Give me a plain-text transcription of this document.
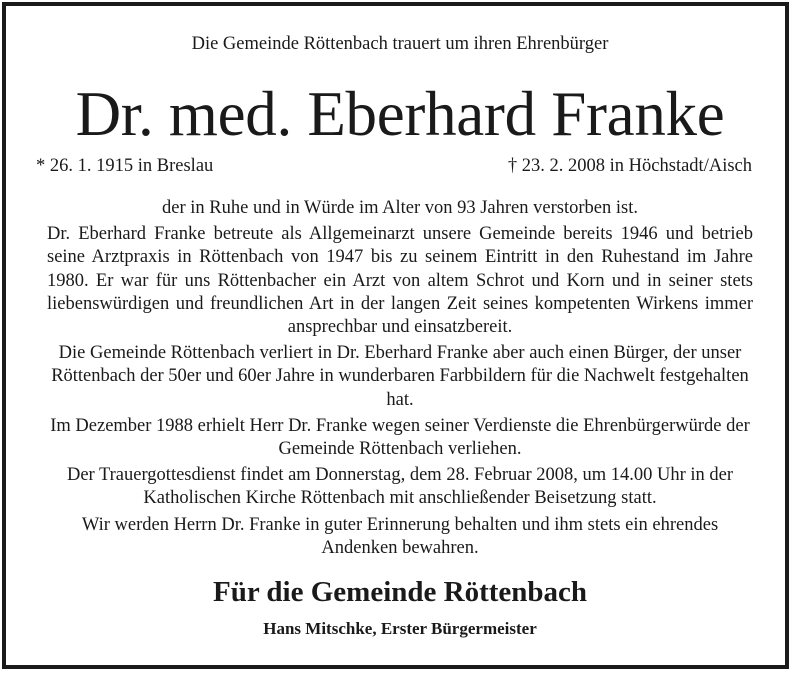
Die Gemeinde Röttenbach trauert um ihren Ehrenbürger
Dr. med. Eberhard Franke
* 26. 1. 1915 in Breslau	† 23. 2. 2008 in Höchstadt/Aisch

der in Ruhe und in Würde im Alter von 93 Jahren verstorben ist.

Dr. Eberhard Franke betreute als Allgemeinarzt unsere Gemeinde bereits 1946 und betrieb seine Arztpraxis in Röttenbach von 1947 bis zu seinem Eintritt in den Ruhestand im Jahre 1980. Er war für uns Röttenbacher ein Arzt von altem Schrot und Korn und in seiner stets liebenswürdigen und freundlichen Art in der langen Zeit seines kompetenten Wirkens immer ansprechbar und einsatzbereit.

Die Gemeinde Röttenbach verliert in Dr. Eberhard Franke aber auch einen Bürger, der unser Röttenbach der 50er und 60er Jahre in wunderbaren Farbbildern für die Nachwelt festgehalten hat.

Im Dezember 1988 erhielt Herr Dr. Franke wegen seiner Verdienste die Ehrenbürgerwürde der Gemeinde Röttenbach verliehen.

Der Trauergottesdienst findet am Donnerstag, dem 28. Februar 2008, um 14.00 Uhr in der Katholischen Kirche Röttenbach mit anschließender Beisetzung statt.

Wir werden Herrn Dr. Franke in guter Erinnerung behalten und ihm stets ein ehrendes Andenken bewahren.

Für die Gemeinde Röttenbach
Hans Mitschke, Erster Bürgermeister
